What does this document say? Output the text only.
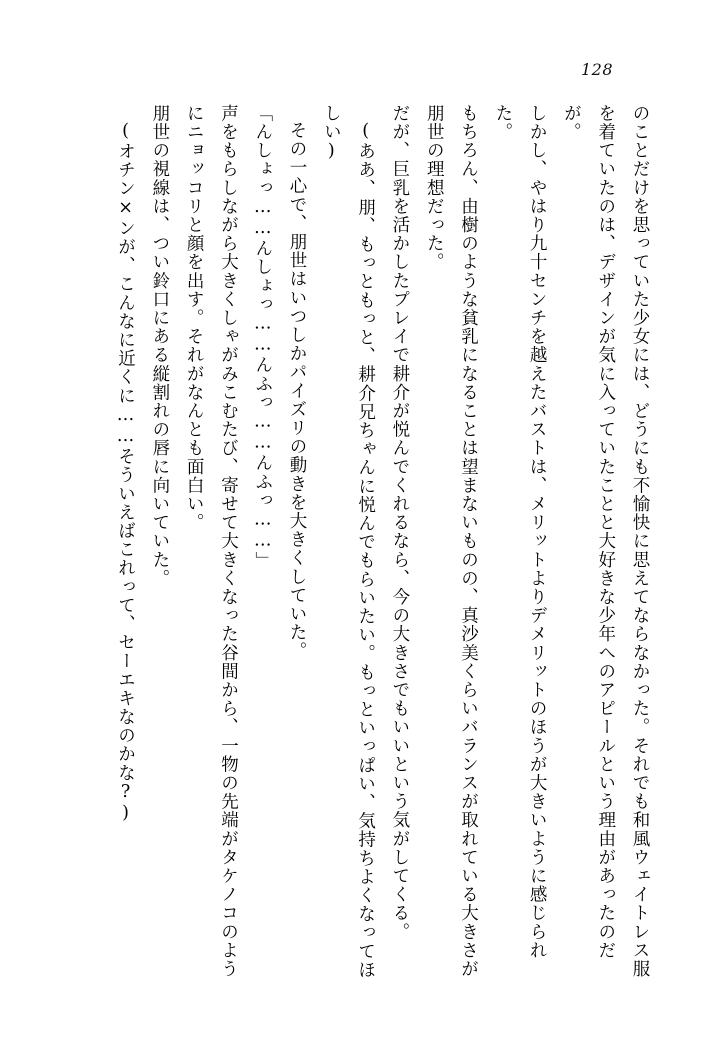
128

のことだけを思っていた少女には、どうにも不愉快に思えてならなかった。それでも和風ウェイトレス服を着ていたのは、デザインが気に入っていたことと大好きな少年へのアピールという理由があったのだが。

しかし、やはり九十センチを越えたバストは、メリットよりデメリットのほうが大きいように感じられた。

もちろん、由樹のような貧乳になることは望まないものの、真沙美くらいバランスが取れている大きさが朋世の理想だった。

だが、巨乳を活かしたプレイで耕介が悦んでくれるなら、今の大きさでもいいという気がしてくる。

(ああ、朋、もっともっと、耕介兄ちゃんに悦んでもらいたい。もっといっぱい、気持ちよくなってほしい)

その一心で、朋世はいつしかパイズリの動きを大きくしていた。

「んしょっ……んしょっ……んふっ……んふっ……」

声をもらしながら大きくしゃがみこむたび、寄せて大きくなった谷間から、一物の先端がタケノコのようにニョッコリと顔を出す。それがなんとも面白い。

朋世の視線は、つい鈴口にある縦割れの唇に向いていた。

(オチン×ンが、こんなに近くに……そういえばこれって、セーエキなのかな?)
